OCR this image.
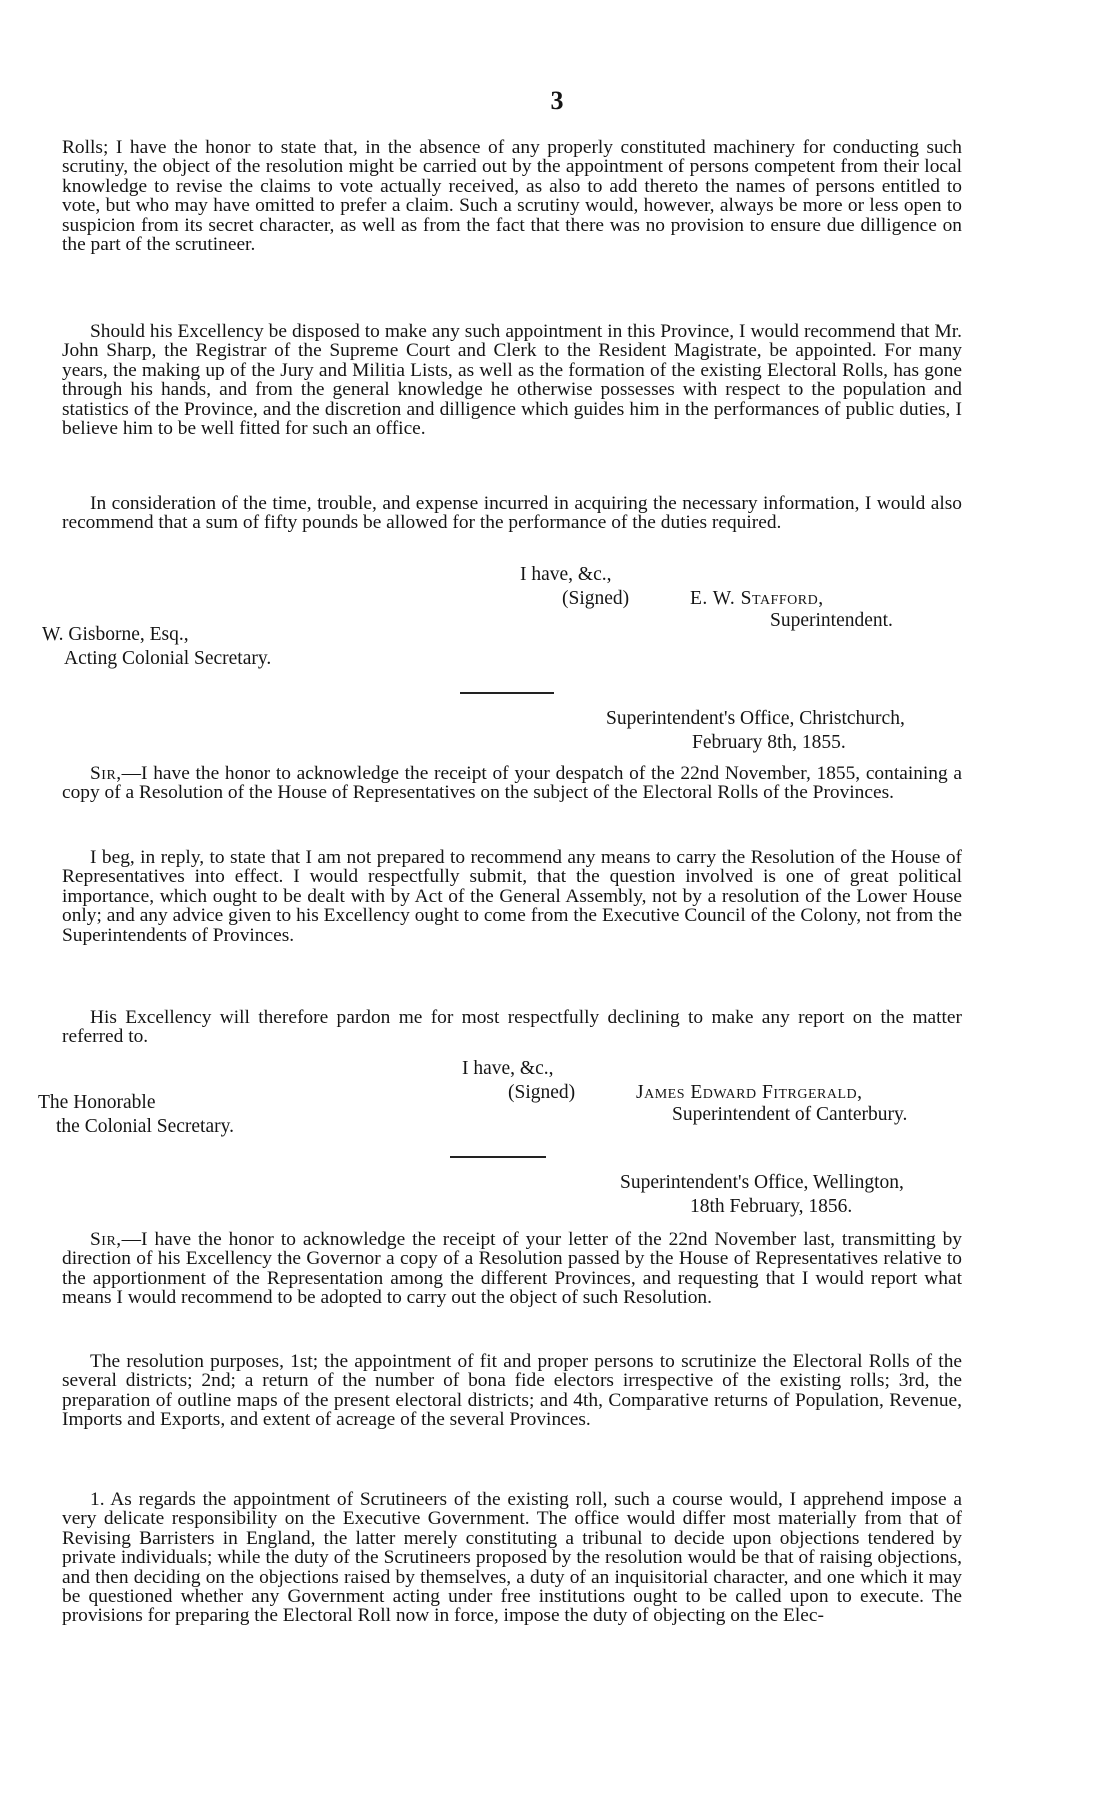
3
Rolls; I have the honor to state that, in the absence of any properly constituted machinery for conducting such scrutiny, the object of the resolution might be carried out by the appointment of persons competent from their local knowledge to revise the claims to vote actually received, as also to add thereto the names of persons entitled to vote, but who may have omitted to prefer a claim. Such a scrutiny would, however, always be more or less open to suspicion from its secret character, as well as from the fact that there was no provision to ensure due dilligence on the part of the scrutineer.
Should his Excellency be disposed to make any such appointment in this Province, I would recommend that Mr. John Sharp, the Registrar of the Supreme Court and Clerk to the Resident Magistrate, be appointed. For many years, the making up of the Jury and Militia Lists, as well as the formation of the existing Electoral Rolls, has gone through his hands, and from the general knowledge he otherwise possesses with respect to the population and statistics of the Province, and the discretion and dilligence which guides him in the performances of public duties, I believe him to be well fitted for such an office.
In consideration of the time, trouble, and expense incurred in acquiring the necessary information, I would also recommend that a sum of fifty pounds be allowed for the performance of the duties required.
I have, &c.,
(Signed)	E. W. Stafford,
Superintendent.
W. Gisborne, Esq.,
Acting Colonial Secretary.
Superintendent's Office, Christchurch,
February 8th, 1855.
Sir,—I have the honor to acknowledge the receipt of your despatch of the 22nd November, 1855, containing a copy of a Resolution of the House of Representatives on the subject of the Electoral Rolls of the Provinces.
I beg, in reply, to state that I am not prepared to recommend any means to carry the Resolution of the House of Representatives into effect. I would respectfully submit, that the question involved is one of great political importance, which ought to be dealt with by Act of the General Assembly, not by a resolution of the Lower House only; and any advice given to his Excellency ought to come from the Executive Council of the Colony, not from the Superintendents of Provinces.
His Excellency will therefore pardon me for most respectfully declining to make any report on the matter referred to.
I have, &c.,
(Signed)	James Edward Fitrgerald,
Superintendent of Canterbury.
The Honorable
the Colonial Secretary.
Superintendent's Office, Wellington,
18th February, 1856.
Sir,—I have the honor to acknowledge the receipt of your letter of the 22nd November last, transmitting by direction of his Excellency the Governor a copy of a Resolution passed by the House of Representatives relative to the apportionment of the Representation among the different Provinces, and requesting that I would report what means I would recommend to be adopted to carry out the object of such Resolution.
The resolution purposes, 1st; the appointment of fit and proper persons to scrutinize the Electoral Rolls of the several districts; 2nd; a return of the number of bona fide electors irrespective of the existing rolls; 3rd, the preparation of outline maps of the present electoral districts; and 4th, Comparative returns of Population, Revenue, Imports and Exports, and extent of acreage of the several Provinces.
1. As regards the appointment of Scrutineers of the existing roll, such a course would, I apprehend impose a very delicate responsibility on the Executive Government. The office would differ most materially from that of Revising Barristers in England, the latter merely constituting a tribunal to decide upon objections tendered by private individuals; while the duty of the Scrutineers proposed by the resolution would be that of raising objections, and then deciding on the objections raised by themselves, a duty of an inquisitorial character, and one which it may be questioned whether any Government acting under free institutions ought to be called upon to execute. The provisions for preparing the Electoral Roll now in force, impose the duty of objecting on the Elec-
